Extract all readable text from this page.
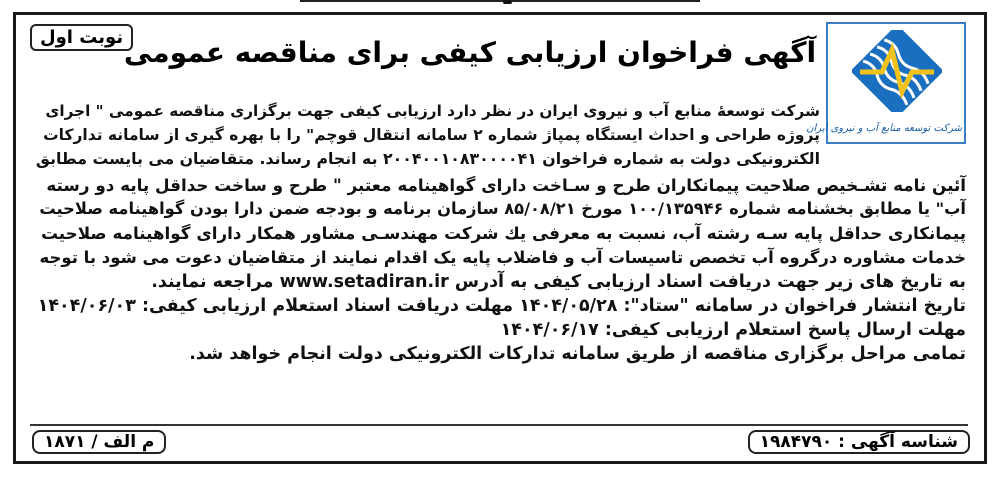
نوبت اول آگهی فراخوان ارزیابی کیفی برای مناقصه عمومی
شرکت توسعه منابع آب و نیروی ایران

شرکت توسعهٔ منابع آب و نیروی ایران در نظر دارد ارزیابی کیفی جهت برگزاری مناقصه عمومی " اجرای

پروژه طراحی و احداث ایستگاه پمپاژ شماره ۲ سامانه انتقال قوچم" را با بهره گیری از سامانه تدارکات

الکترونیکی دولت به شماره فراخوان ۲۰۰۴۰۰۱۰۸۳۰۰۰۰۴۱ به انجام رساند. متقاضیان می بایست مطابق

آئین نامه تشـخیص صلاحیت پیمانکاران طرح و سـاخت دارای گواهینامه معتبر " طرح و ساخت حداقل پایه دو رسته

آب" یا مطابق بخشنامه شماره ۱۰۰/۱۳۵۹۴۶ مورخ ۸۵/۰۸/۲۱ سازمان برنامه و بودجه ضمن دارا بودن گواهینامه صلاحیت

پیمانکاری حداقل پایه سـه رشته آب، نسبت به معرفی یك شرکت مهندسـی مشاور همکار دارای گواهینامه صلاحیت

خدمات مشاوره درگروه آب تخصص تاسیسات آب و فاضلاب پایه یک اقدام نمایند از متقاضیان دعوت می شود با توجه

به تاریخ های زیر جهت دریافت اسناد ارزیابی کیفی به آدرس www.setadiran.ir مراجعه نمایند.

تاریخ انتشار فراخوان در سامانه "ستاد": ۱۴۰۴/۰۵/۲۸ مهلت دریافت اسناد استعلام ارزیابی کیفی: ۱۴۰۴/۰۶/۰۳

مهلت ارسال پاسخ استعلام ارزیابی کیفی: ۱۴۰۴/۰۶/۱۷

تمامی مراحل برگزاری مناقصه از طریق سامانه تدارکات الکترونیکی دولت انجام خواهد شد.

شناسه آگهی : ۱۹۸۴۷۹۰
م الف / ۱۸۷۱
